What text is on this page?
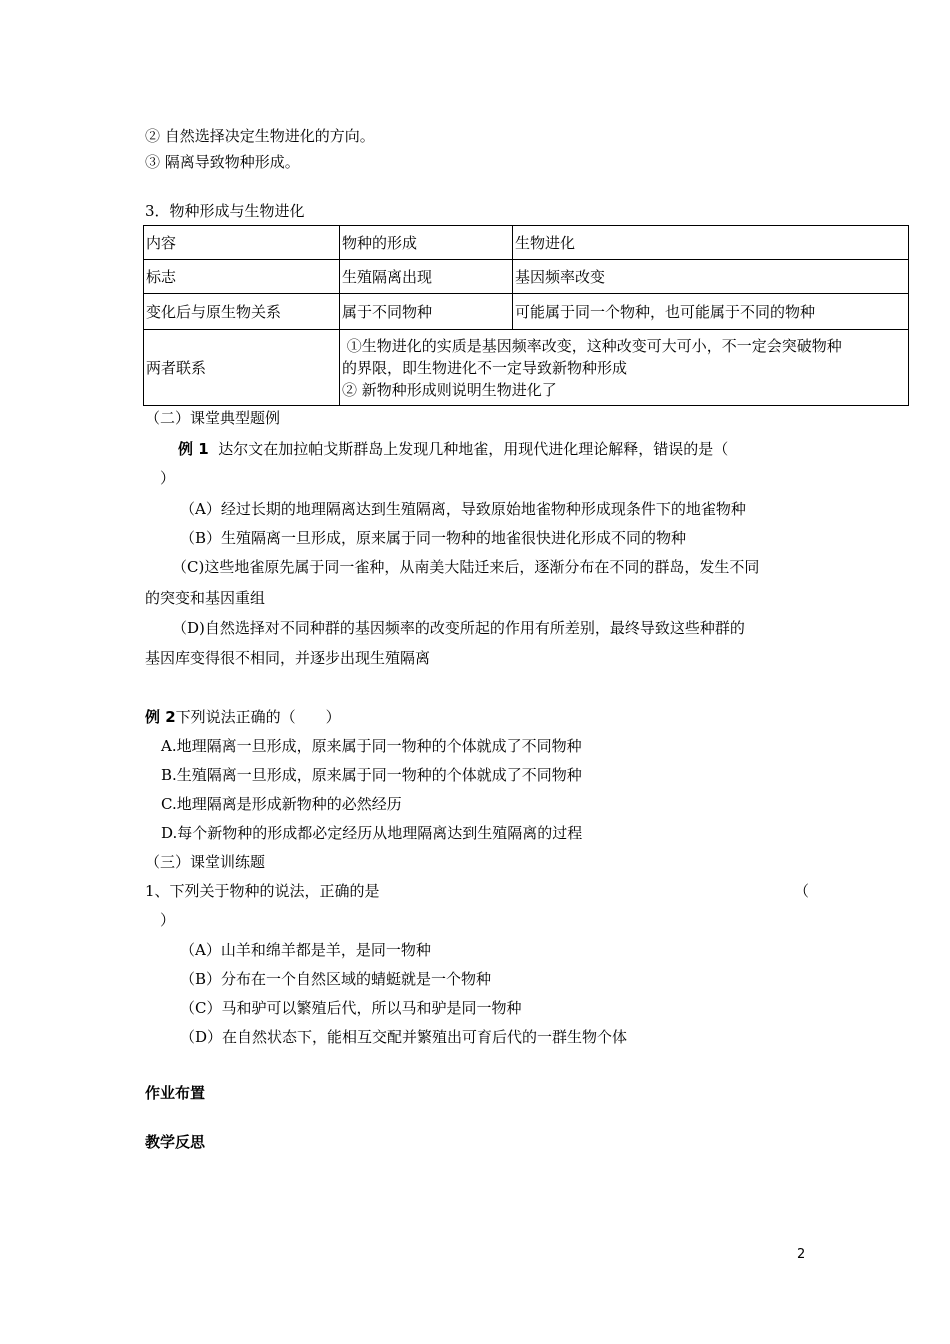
② 自然选择决定生物进化的方向。
③ 隔离导致物种形成。
3．物种形成与生物进化
内容	物种的形成	生物进化
标志	生殖隔离出现	基因频率改变
变化后与原生物关系	属于不同物种	可能属于同一个物种，也可能属于不同的物种
两者联系	①生物进化的实质是基因频率改变，这种改变可大可小，不一定会突破物种
的界限，即生物进化不一定导致新物种形成
② 新物种形成则说明生物进化了	
（二）课堂典型题例
例 1  达尔文在加拉帕戈斯群岛上发现几种地雀，用现代进化理论解释，错误的是（
）
（A）经过长期的地理隔离达到生殖隔离，导致原始地雀物种形成现条件下的地雀物种
（B）生殖隔离一旦形成，原来属于同一物种的地雀很快进化形成不同的物种
（C)这些地雀原先属于同一雀种，从南美大陆迁来后，逐渐分布在不同的群岛，发生不同
的突变和基因重组
（D)自然选择对不同种群的基因频率的改变所起的作用有所差别，最终导致这些种群的
基因库变得很不相同，并逐步出现生殖隔离
例 2下列说法正确的（　　）
A.地理隔离一旦形成，原来属于同一物种的个体就成了不同物种
B.生殖隔离一旦形成，原来属于同一物种的个体就成了不同物种
C.地理隔离是形成新物种的必然经历
D.每个新物种的形成都必定经历从地理隔离达到生殖隔离的过程
（三）课堂训练题
1、下列关于物种的说法，正确的是	（
）
（A）山羊和绵羊都是羊，是同一物种
（B）分布在一个自然区域的蜻蜓就是一个物种
（C）马和驴可以繁殖后代，所以马和驴是同一物种
（D）在自然状态下，能相互交配并繁殖出可育后代的一群生物个体
作业布置
教学反思
2
